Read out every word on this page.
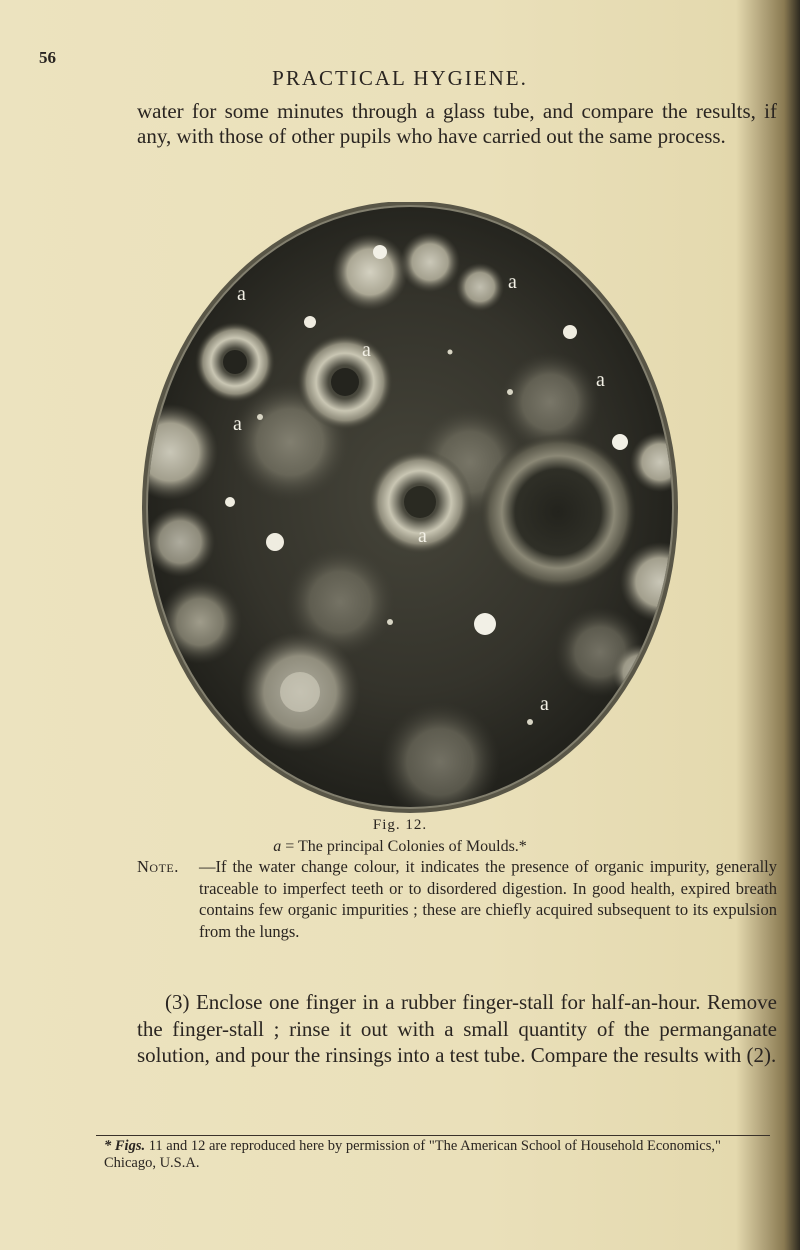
56
PRACTICAL HYGIENE.

water for some minutes through a glass tube, and compare the results, if any, with those of other pupils who have carried out the same process.

a
a
a
a
a
a
a
Fig. 12.
a = The principal Colonies of Moulds.*
Note.	—If the water change colour, it indicates the presence of organic impurity, generally traceable to imperfect teeth or to disordered digestion. In good health, expired breath contains few organic impurities ; these are chiefly acquired subsequent to its expulsion from the lungs.

(3) Enclose one finger in a rubber finger-stall for half-an-hour. Remove the finger-stall ; rinse it out with a small quantity of the permanganate solution, and pour the rinsings into a test tube. Compare the results with (2).

* Figs. 11 and 12 are reproduced here by permission of "The American School of Household Economics," Chicago, U.S.A.
